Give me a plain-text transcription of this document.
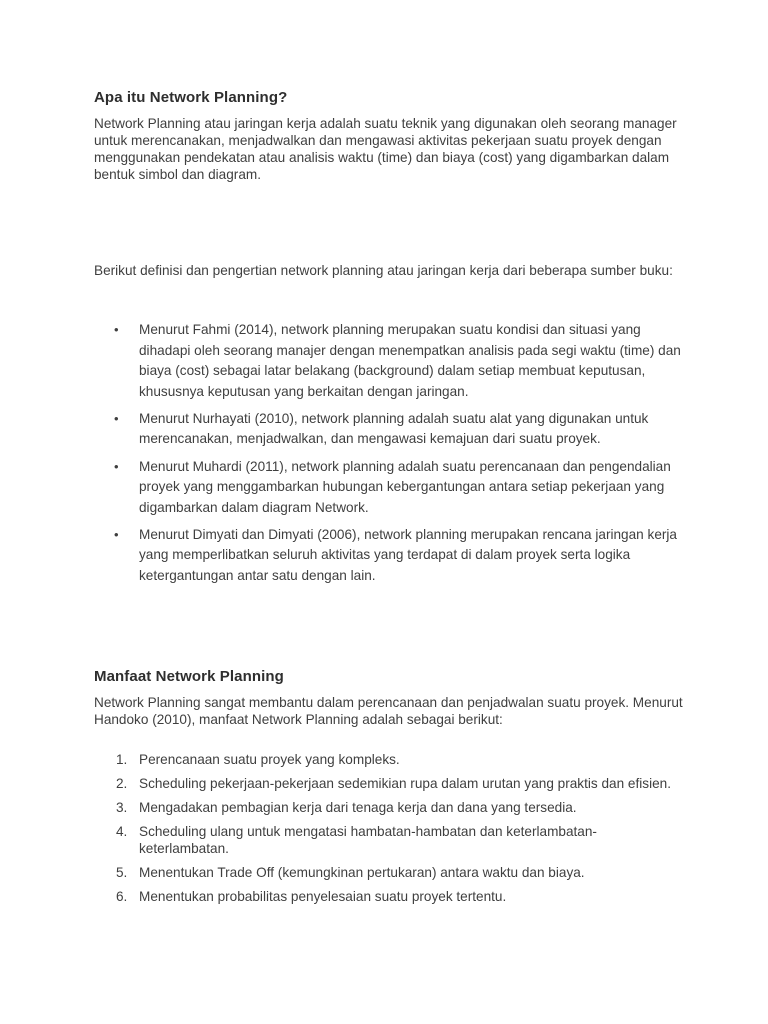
Apa itu Network Planning?

Network Planning atau jaringan kerja adalah suatu teknik yang digunakan oleh seorang manager untuk merencanakan, menjadwalkan dan mengawasi aktivitas pekerjaan suatu proyek dengan menggunakan pendekatan atau analisis waktu (time) dan biaya (cost) yang digambarkan dalam bentuk simbol dan diagram.

Berikut definisi dan pengertian network planning atau jaringan kerja dari beberapa sumber buku:

• Menurut Fahmi (2014), network planning merupakan suatu kondisi dan situasi yang dihadapi oleh seorang manajer dengan menempatkan analisis pada segi waktu (time) dan biaya (cost) sebagai latar belakang (background) dalam setiap membuat keputusan, khususnya keputusan yang berkaitan dengan jaringan.
• Menurut Nurhayati (2010), network planning adalah suatu alat yang digunakan untuk merencanakan, menjadwalkan, dan mengawasi kemajuan dari suatu proyek.
• Menurut Muhardi (2011), network planning adalah suatu perencanaan dan pengendalian proyek yang menggambarkan hubungan kebergantungan antara setiap pekerjaan yang digambarkan dalam diagram Network.
• Menurut Dimyati dan Dimyati (2006), network planning merupakan rencana jaringan kerja yang memperlibatkan seluruh aktivitas yang terdapat di dalam proyek serta logika ketergantungan antar satu dengan lain.
Manfaat Network Planning

Network Planning sangat membantu dalam perencanaan dan penjadwalan suatu proyek. Menurut Handoko (2010), manfaat Network Planning adalah sebagai berikut:

1. Perencanaan suatu proyek yang kompleks.
2. Scheduling pekerjaan-pekerjaan sedemikian rupa dalam urutan yang praktis dan efisien.
3. Mengadakan pembagian kerja dari tenaga kerja dan dana yang tersedia.
4. Scheduling ulang untuk mengatasi hambatan-hambatan dan keterlambatan-keterlambatan.
5. Menentukan Trade Off (kemungkinan pertukaran) antara waktu dan biaya.
6. Menentukan probabilitas penyelesaian suatu proyek tertentu.
